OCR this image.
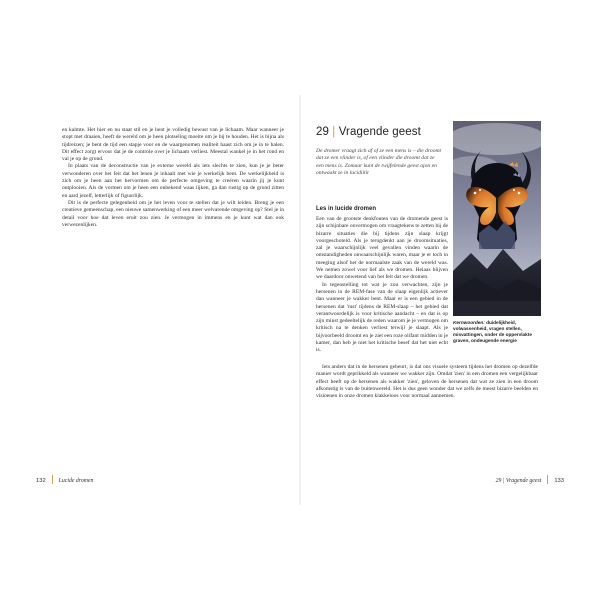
en kalmte. Het hier en nu staat stil en je bent je volledig bewust van je lichaam. Maar wanneer je stopt met draaien, heeft de wereld om je heen plotseling moeite om je bij te houden. Het is bijna als tijdreizen; je bent de tijd een stapje voor en de waargenomen realiteit haast zich om je in te halen. Dit effect zorgt ervoor dat je de controle over je lichaam verliest. Meestal wankel je in het rond en val je op de grond.

In plaats van de deconstructie van je externe wereld als iets slechts te zien, kun je je beter verwonderen over het feit dat het lenen je inhaalt met wie je werkelijk bent. De werkelijkheid is zich om je heen aan het hervormen om de perfecte omgeving te creëren waarin jij je kunt ontplooien. Als de vormen om je heen een onbekend waas lijken, ga dan rustig op de grond zitten en aard jezelf, letterlijk of figuurlijk.

Dit is de perfecte gelegenheid om je het leven voor te stellen dat je wilt leiden. Breng je een creatieve gemeenschap, een nieuwe samenwerking of een meer welvarende omgeving op? Stel je in detail voor hoe dat leven eruit zou zien. Je vermogen in immens en je kunt wat dan ook verwezenlijken.

132 Lucide dromen
29 | Vragende geest
De dromer vraagt zich af of ze een mens is – die droomt dat ze een vlinder is, of een vlinder die droomt dat ze een mens is. Zomaar kunt de twijfelende geest ajon en ontwaakt ze in lucidiitit
Les in lucide dromen

Een van de grootste denkfouten van de dromende geest is zijn schijnbare onvermogen om vraagtekens te zetten bij de bizarre situaties die bij tijdens zijn slaap krijgt voorgeschoteld. Als je terugdenkt aan je droomsituaties, zal je waarschijnlijk veel gevallen vinden waarin de omstandigheden onwaarschijnlijk waren, maar je er toch in meeging alsof het de normaalste zaak van de wereld was. We nemen zowel voor lief als we dromen. Helaas blijven we daardoor onwetend van het feit dat we dromen.

In tegenstelling tot wat je zou verwachten, zijn je hersenen in de REM-fase van de slaap eigenlijk actiever dan wanneer je wakker bent. Maar er is een gebied in de hersenen dat 'rust' tijdens de REM-slaap – het gebied dat verantwoordelijk is voor kritische aandacht – en dat is op zijn minst gedeeltelijk de reden waarom je je vermogen om kritisch na te denken verliest terwijl je slaapt. Als je bijvoorbeeld droomt en je ziet een roze olifant midden in je kamer, dan heb je niet het kritische besef dat het niet echt is.

Iets anders dat in de hersenen gebeurt, is dat ons visuele systeem tijdens het dromen op dezelfde manier wordt geprikkeld als wanneer we wakker zijn. Omdat 'zien' in een dromen een vergelijkbaar effect heeft op de hersenen als wakker 'zien', geloven de hersenen dat wat ze zien in een droom afkomstig is van de buitenwereld. Het is dus geen wonder dat we zelfs de meest bizarre beelden en visioenen in onze dromen klakkeloos voor normaal aannemen.

Kernwoorden: duidelijkheid, volwassenheid, vragen stellen, misvattingen, onder de oppervlakte graven, ondeugende energie
29 | Vragende geest 133
